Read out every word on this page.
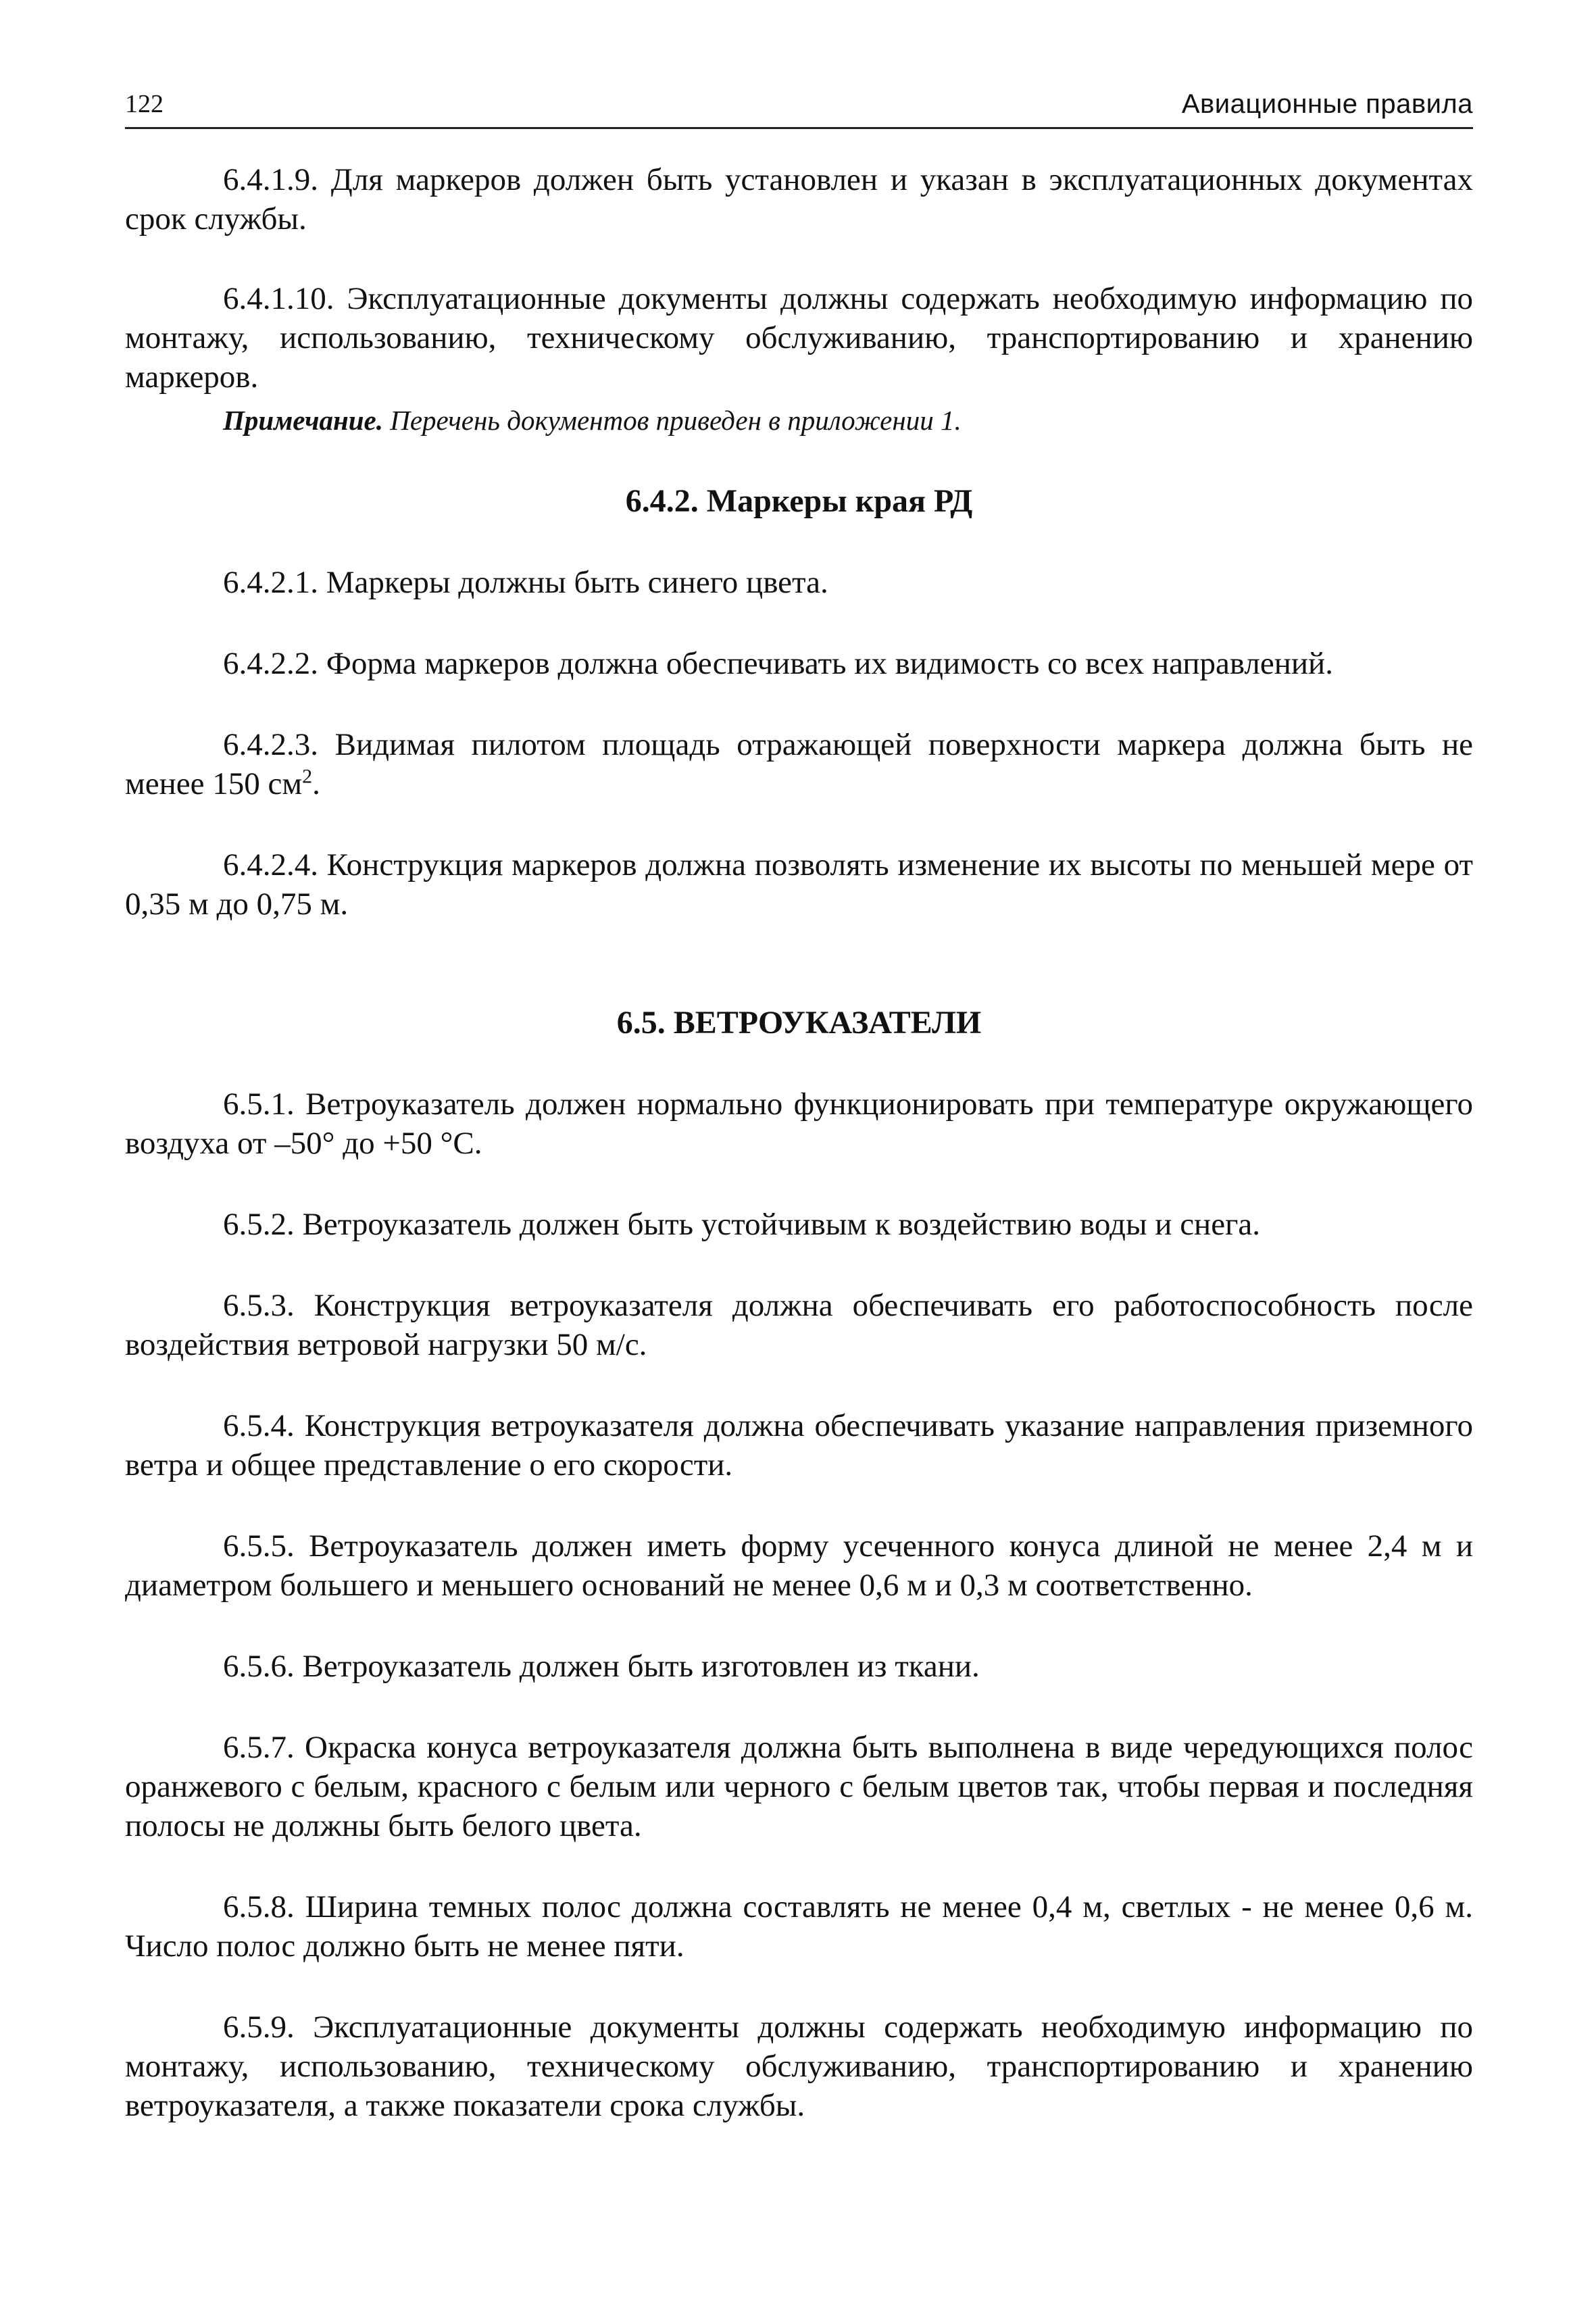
122	Авиационные правила

6.4.1.9. Для маркеров должен быть установлен и указан в эксплуатационных документах срок службы.

6.4.1.10. Эксплуатационные документы должны содержать необходимую информацию по монтажу, использованию, техническому обслуживанию, транспортированию и хранению маркеров.

Примечание. Перечень документов приведен в приложении 1.

6.4.2. Маркеры края РД

6.4.2.1. Маркеры должны быть синего цвета.

6.4.2.2. Форма маркеров должна обеспечивать их видимость со всех направлений.

6.4.2.3. Видимая пилотом площадь отражающей поверхности маркера должна быть не менее 150 $см^2$.

6.4.2.4. Конструкция маркеров должна позволять изменение их высоты по меньшей мере от 0,35 м до 0,75 м.

6.5. ВЕТРОУКАЗАТЕЛИ

6.5.1. Ветроуказатель должен нормально функционировать при температуре окружающего воздуха от –50° до +50 °С.

6.5.2. Ветроуказатель должен быть устойчивым к воздействию воды и снега.

6.5.3. Конструкция ветроуказателя должна обеспечивать его работоспособность после воздействия ветровой нагрузки 50 м/с.

6.5.4. Конструкция ветроуказателя должна обеспечивать указание направления приземного ветра и общее представление о его скорости.

6.5.5. Ветроуказатель должен иметь форму усеченного конуса длиной не менее 2,4 м и диаметром большего и меньшего оснований не менее 0,6 м и 0,3 м соответственно.

6.5.6. Ветроуказатель должен быть изготовлен из ткани.

6.5.7. Окраска конуса ветроуказателя должна быть выполнена в виде чередующихся полос оранжевого с белым, красного с белым или черного с белым цветов так, чтобы первая и последняя полосы не должны быть белого цвета.

6.5.8. Ширина темных полос должна составлять не менее 0,4 м, светлых - не менее 0,6 м. Число полос должно быть не менее пяти.

6.5.9. Эксплуатационные документы должны содержать необходимую информацию по монтажу, использованию, техническому обслуживанию, транспортированию и хранению ветроуказателя, а также показатели срока службы.
